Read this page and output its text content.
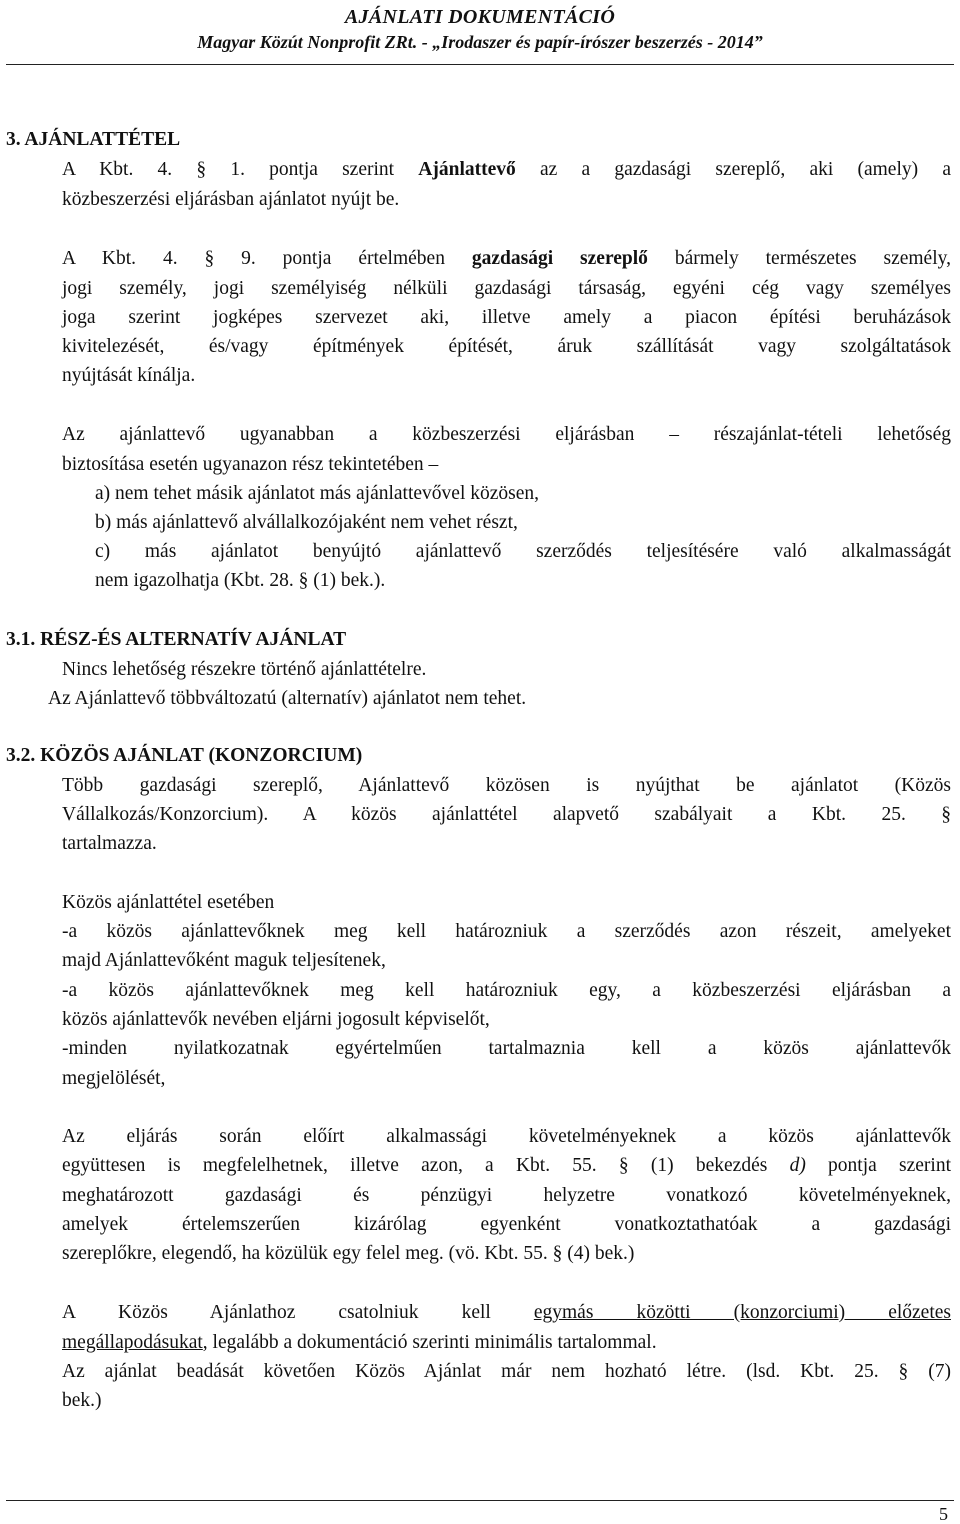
AJÁNLATI DOKUMENTÁCIÓ
Magyar Közút Nonprofit ZRt. - „Irodaszer és papír-írószer beszerzés - 2014”
3. AJÁNLATTÉTEL
A Kbt. 4. § 1. pontja szerint Ajánlattevő az a gazdasági szereplő, aki (amely) a
közbeszerzési eljárásban ajánlatot nyújt be.
A Kbt. 4. § 9. pontja értelmében gazdasági szereplő bármely természetes személy,
jogi személy, jogi személyiség nélküli gazdasági társaság, egyéni cég vagy személyes
joga szerint jogképes szervezet aki, illetve amely a piacon építési beruházások
kivitelezését, és/vagy építmények építését, áruk szállítását vagy szolgáltatások
nyújtását kínálja.
Az ajánlattevő ugyanabban a közbeszerzési eljárásban – részajánlat-tételi lehetőség
biztosítása esetén ugyanazon rész tekintetében –
a) nem tehet másik ajánlatot más ajánlattevővel közösen,
b) más ajánlattevő alvállalkozójaként nem vehet részt,
c) más ajánlatot benyújtó ajánlattevő szerződés teljesítésére való alkalmasságát
nem igazolhatja (Kbt. 28. § (1) bek.).
3.1. RÉSZ-ÉS ALTERNATÍV AJÁNLAT
Nincs lehetőség részekre történő ajánlattételre.
Az Ajánlattevő többváltozatú (alternatív) ajánlatot nem tehet.
3.2. KÖZÖS AJÁNLAT (KONZORCIUM)
Több gazdasági szereplő, Ajánlattevő közösen is nyújthat be ajánlatot (Közös
Vállalkozás/Konzorcium). A közös ajánlattétel alapvető szabályait a Kbt. 25. §
tartalmazza.
Közös ajánlattétel esetében
-a közös ajánlattevőknek meg kell határozniuk a szerződés azon részeit, amelyeket
majd Ajánlattevőként maguk teljesítenek,
-a közös ajánlattevőknek meg kell határozniuk egy, a közbeszerzési eljárásban a
közös ajánlattevők nevében eljárni jogosult képviselőt,
-minden nyilatkozatnak egyértelműen tartalmaznia kell a közös ajánlattevők
megjelölését,
Az eljárás során előírt alkalmassági követelményeknek a közös ajánlattevők
együttesen is megfelelhetnek, illetve azon, a Kbt. 55. § (1) bekezdés d) pontja szerint
meghatározott gazdasági és pénzügyi helyzetre vonatkozó követelményeknek,
amelyek értelemszerűen kizárólag egyenként vonatkoztathatóak a gazdasági
szereplőkre, elegendő, ha közülük egy felel meg. (vö. Kbt. 55. § (4) bek.)
A Közös Ajánlathoz csatolniuk kell egymás közötti (konzorciumi) előzetes
megállapodásukat, legalább a dokumentáció szerinti minimális tartalommal.
Az ajánlat beadását követően Közös Ajánlat már nem hozható létre. (lsd. Kbt. 25. § (7)
bek.)
5
